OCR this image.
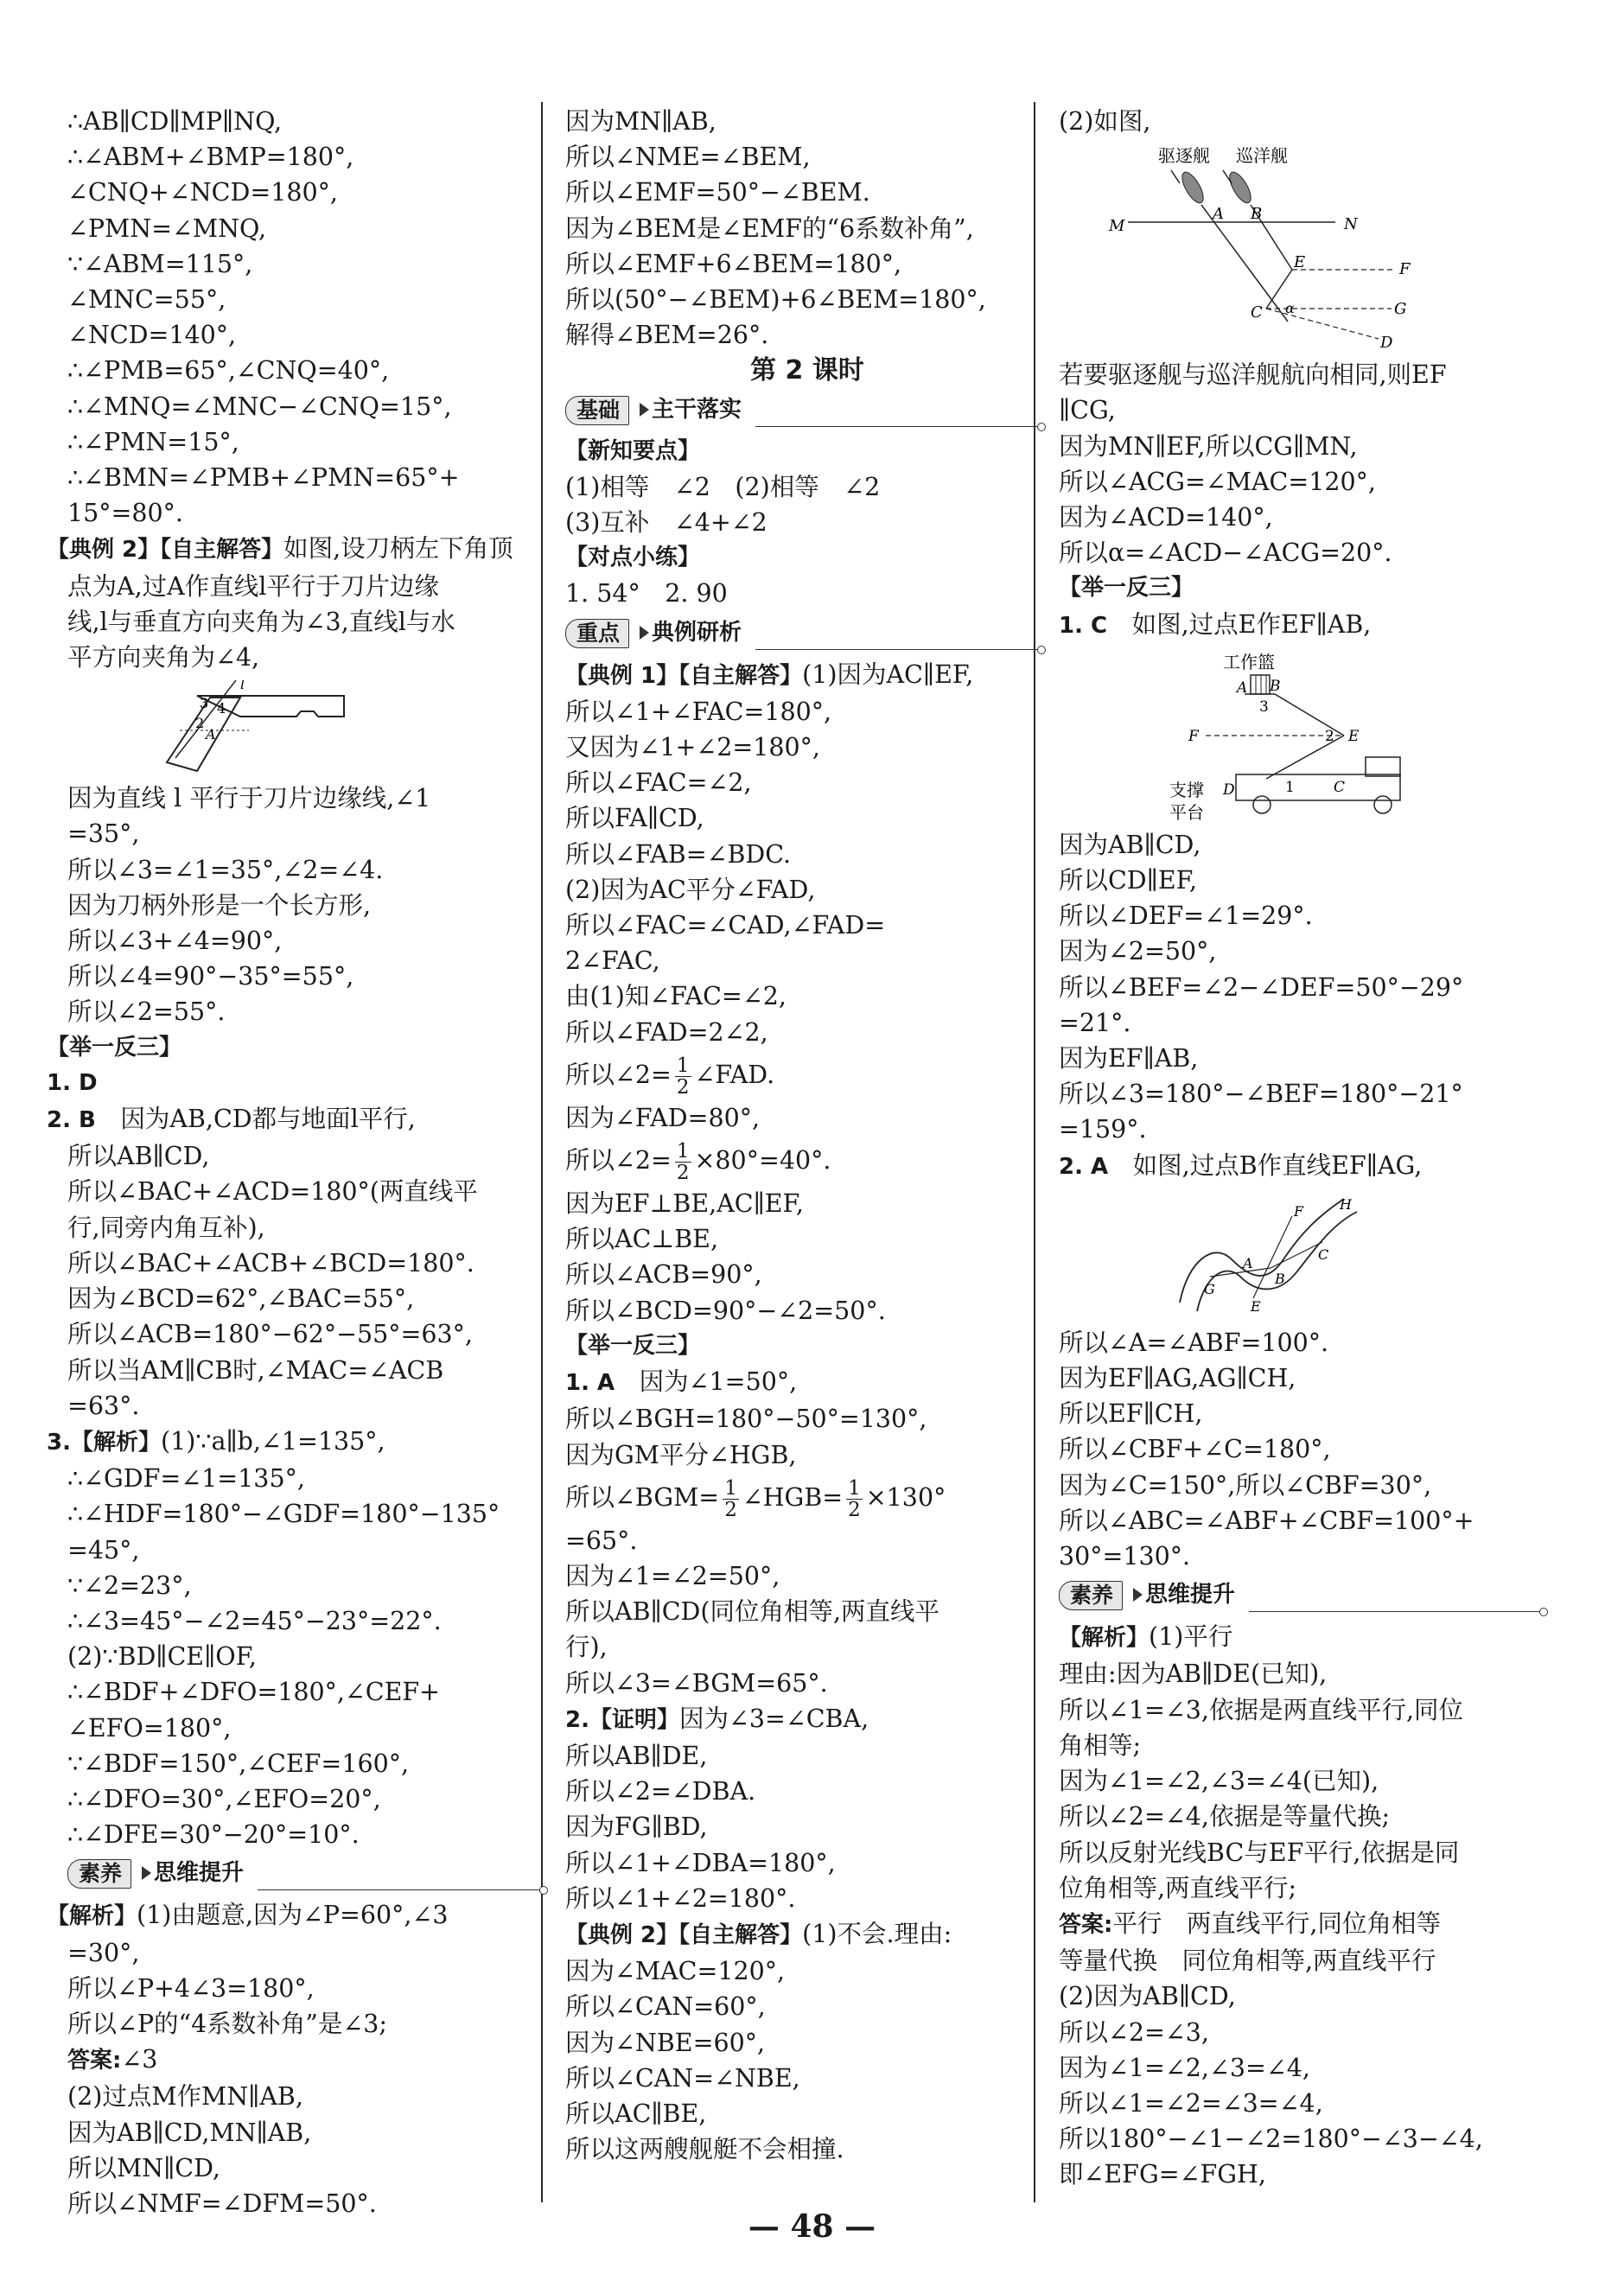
∴AB∥CD∥MP∥NQ,
∴∠ABM+∠BMP=180°,
∠CNQ+∠NCD=180°,
∠PMN=∠MNQ,
∵∠ABM=115°,
∠MNC=55°,
∠NCD=140°,
∴∠PMB=65°,∠CNQ=40°,
∴∠MNQ=∠MNC−∠CNQ=15°,
∴∠PMN=15°,
∴∠BMN=∠PMB+∠PMN=65°+
15°=80°.
【典例 2】【自主解答】如图,设刀柄左下角顶
点为A,过A作直线l平行于刀片边缘
线,l与垂直方向夹角为∠3,直线l与水
平方向夹角为∠4,
3 4
2
A
l
因为直线 l 平行于刀片边缘线,∠1
=35°,
所以∠3=∠1=35°,∠2=∠4.
因为刀柄外形是一个长方形,
所以∠3+∠4=90°,
所以∠4=90°−35°=55°,
所以∠2=55°.
【举一反三】
1. D
2. B　 因为AB,CD都与地面l平行,
所以AB∥CD,
所以∠BAC+∠ACD=180°(两直线平
行,同旁内角互补),
所以∠BAC+∠ACB+∠BCD=180°.
因为∠BCD=62°,∠BAC=55°,
所以∠ACB=180°−62°−55°=63°,
所以当AM∥CB时,∠MAC=∠ACB
=63°.
3.【解析】(1)∵a∥b,∠1=135°,
∴∠GDF=∠1=135°,
∴∠HDF=180°−∠GDF=180°−135°
=45°,
∵∠2=23°,
∴∠3=45°−∠2=45°−23°=22°.
(2)∵BD∥CE∥OF,
∴∠BDF+∠DFO=180°,∠CEF+
∠EFO=180°,
∵∠BDF=150°,∠CEF=160°,
∴∠DFO=30°,∠EFO=20°,
∴∠DFE=30°−20°=10°.
素养	思维提升
【解析】(1)由题意,因为∠P=60°,∠3
=30°,
所以∠P+4∠3=180°,
所以∠P的“4系数补角”是∠3;
答案:∠3
(2)过点M作MN∥AB,
因为AB∥CD,MN∥AB,
所以MN∥CD,
所以∠NMF=∠DFM=50°.
因为MN∥AB,
所以∠NME=∠BEM,
所以∠EMF=50°−∠BEM.
因为∠BEM是∠EMF的“6系数补角”,
所以∠EMF+6∠BEM=180°,
所以(50°−∠BEM)+6∠BEM=180°,
解得∠BEM=26°.
第 2 课时
基础	主干落实
【新知要点】
(1)相等　∠2　(2)相等　∠2
(3)互补　∠4+∠2
【对点小练】
1. 54°　2. 90
重点	典例研析
【典例 1】【自主解答】(1)因为AC∥EF,
所以∠1+∠FAC=180°,
又因为∠1+∠2=180°,
所以∠FAC=∠2,
所以FA∥CD,
所以∠FAB=∠BDC.
(2)因为AC平分∠FAD,
所以∠FAC=∠CAD,∠FAD=
2∠FAC,
由(1)知∠FAC=∠2,
所以∠FAD=2∠2,
所以∠2= $\frac{1}{2}$ ∠FAD.
因为∠FAD=80°,
所以∠2= $\frac{1}{2} \times 80^\circ=40^\circ$.
因为EF⊥BE,AC∥EF,
所以AC⊥BE,
所以∠ACB=90°,
所以∠BCD=90°−∠2=50°.
【举一反三】
1. A　 因为∠1=50°,
所以∠BGH=180°−50°=130°,
因为GM平分∠HGB,
所以∠BGM= $\frac{1}{2}$ ∠HGB= $\frac{1}{2} \times 130^\circ$
=65°.
因为∠1=∠2=50°,
所以AB∥CD(同位角相等,两直线平
行),
所以∠3=∠BGM=65°.
2.【证明】因为∠3=∠CBA,
所以AB∥DE,
所以∠2=∠DBA.
因为FG∥BD,
所以∠1+∠DBA=180°,
所以∠1+∠2=180°.
【典例 2】【自主解答】(1)不会.理由:
因为∠MAC=120°,
所以∠CAN=60°,
因为∠NBE=60°,
所以∠CAN=∠NBE,
所以AC∥BE,
所以这两艘舰艇不会相撞.
(2)如图,
驱逐舰 巡洋舰
M
A B
N
E	F
C α	G
D
若要驱逐舰与巡洋舰航向相同,则EF
∥CG,
因为MN∥EF,所以CG∥MN,
所以∠ACG=∠MAC=120°,
因为∠ACD=140°,
所以α=∠ACD−∠ACG=20°.
【举一反三】
1. C　 如图,过点E作EF∥AB,
工作篮
A B
3
F	2 E
D	1	C
支撑
平台
因为AB∥CD,
所以CD∥EF,
所以∠DEF=∠1=29°.
因为∠2=50°,
所以∠BEF=∠2−∠DEF=50°−29°
=21°.
因为EF∥AB,
所以∠3=180°−∠BEF=180°−21°
=159°.
2. A　 如图,过点B作直线EF∥AG,
F	H
A
C
G
B
E
所以∠A=∠ABF=100°.
因为EF∥AG,AG∥CH,
所以EF∥CH,
所以∠CBF+∠C=180°,
因为∠C=150°,所以∠CBF=30°,
所以∠ABC=∠ABF+∠CBF=100°+
30°=130°.
素养	思维提升
【解析】(1)平行
理由:因为AB∥DE(已知),
所以∠1=∠3,依据是两直线平行,同位
角相等;
因为∠1=∠2,∠3=∠4(已知),
所以∠2=∠4,依据是等量代换;
所以反射光线BC与EF平行,依据是同
位角相等,两直线平行;
答案:平行　两直线平行,同位角相等
等量代换　同位角相等,两直线平行
(2)因为AB∥CD,
所以∠2=∠3,
因为∠1=∠2,∠3=∠4,
所以∠1=∠2=∠3=∠4,
所以180°−∠1−∠2=180°−∠3−∠4,
即∠EFG=∠FGH,
— 48 —
